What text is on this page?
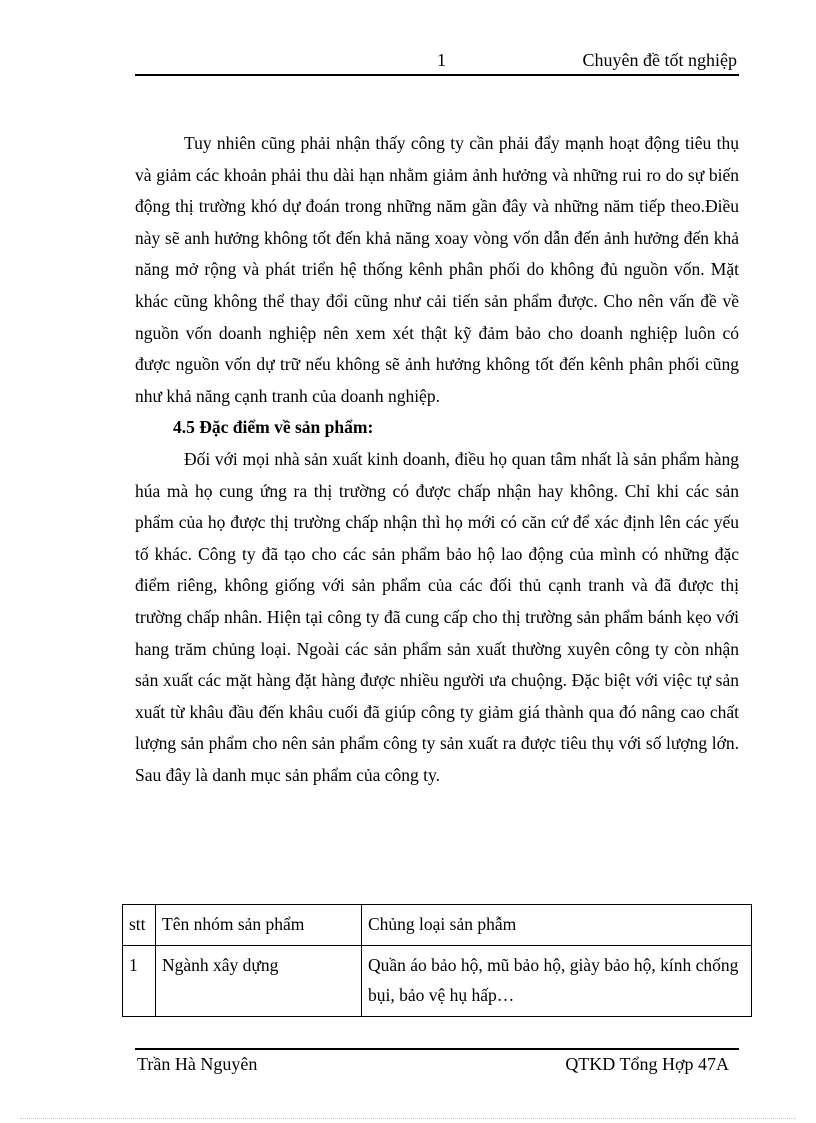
1	Chuyên đề tốt nghiệp

Tuy nhiên cũng phải nhận thấy công ty cần phải đẩy mạnh hoạt động tiêu thụ và giảm các khoản phải thu dài hạn nhằm giảm ảnh hưởng và những rui ro do sự biến động thị trường khó dự đoán trong những năm gần đây và những năm tiếp theo.Điều này sẽ anh hưởng không tốt đến khả năng xoay vòng vốn dẫn đến ảnh hưởng đến khả năng mở rộng và phát triển hệ thống kênh phân phối do không đủ nguồn vốn. Mặt khác cũng không thể thay đổi cũng như cải tiến sản phẩm được. Cho nên vấn đề về nguồn vốn doanh nghiệp nên xem xét thật kỹ đảm bảo cho doanh nghiệp luôn có được nguồn vốn dự trữ nếu không sẽ ảnh hưởng không tốt đến kênh phân phối cũng như khả năng cạnh tranh của doanh nghiệp.

4.5 Đặc điểm về sản phẩm:

Đối với mọi nhà sản xuất kinh doanh, điều họ quan tâm nhất là sản phẩm hàng húa mà họ cung ứng ra thị trường có được chấp nhận hay không. Chỉ khi các sản phẩm của họ được thị trường chấp nhận thì họ mới có căn cứ để xác định lên các yếu tố khác. Công ty đã tạo cho các sản phẩm bảo hộ lao động của mình có những đặc điểm riêng, không giống với sản phẩm của các đối thủ cạnh tranh và đã được thị trường chấp nhân. Hiện tại công ty đã cung cấp cho thị trường sản phẩm bánh kẹo với hang trăm chủng loại. Ngoài các sản phẩm sản xuất thường xuyên công ty còn nhận sản xuất các mặt hàng đặt hàng được nhiều người ưa chuộng. Đặc biệt với việc tự sản xuất từ khâu đầu đến khâu cuối đã giúp công ty giảm giá thành qua đó nâng cao chất lượng sản phẩm cho nên sản phẩm công ty sản xuất ra được tiêu thụ với số lượng lớn. Sau đây là danh mục sản phẩm của công ty.

stt	Tên nhóm sản phẩm	Chủng loại sản phẫm
1	Ngành xây dựng	Quần áo bảo hộ, mũ bảo hộ, giày bảo hộ, kính chống bụi, bảo vệ hụ hấp…
Trần Hà Nguyên	QTKD Tổng Hợp 47A
